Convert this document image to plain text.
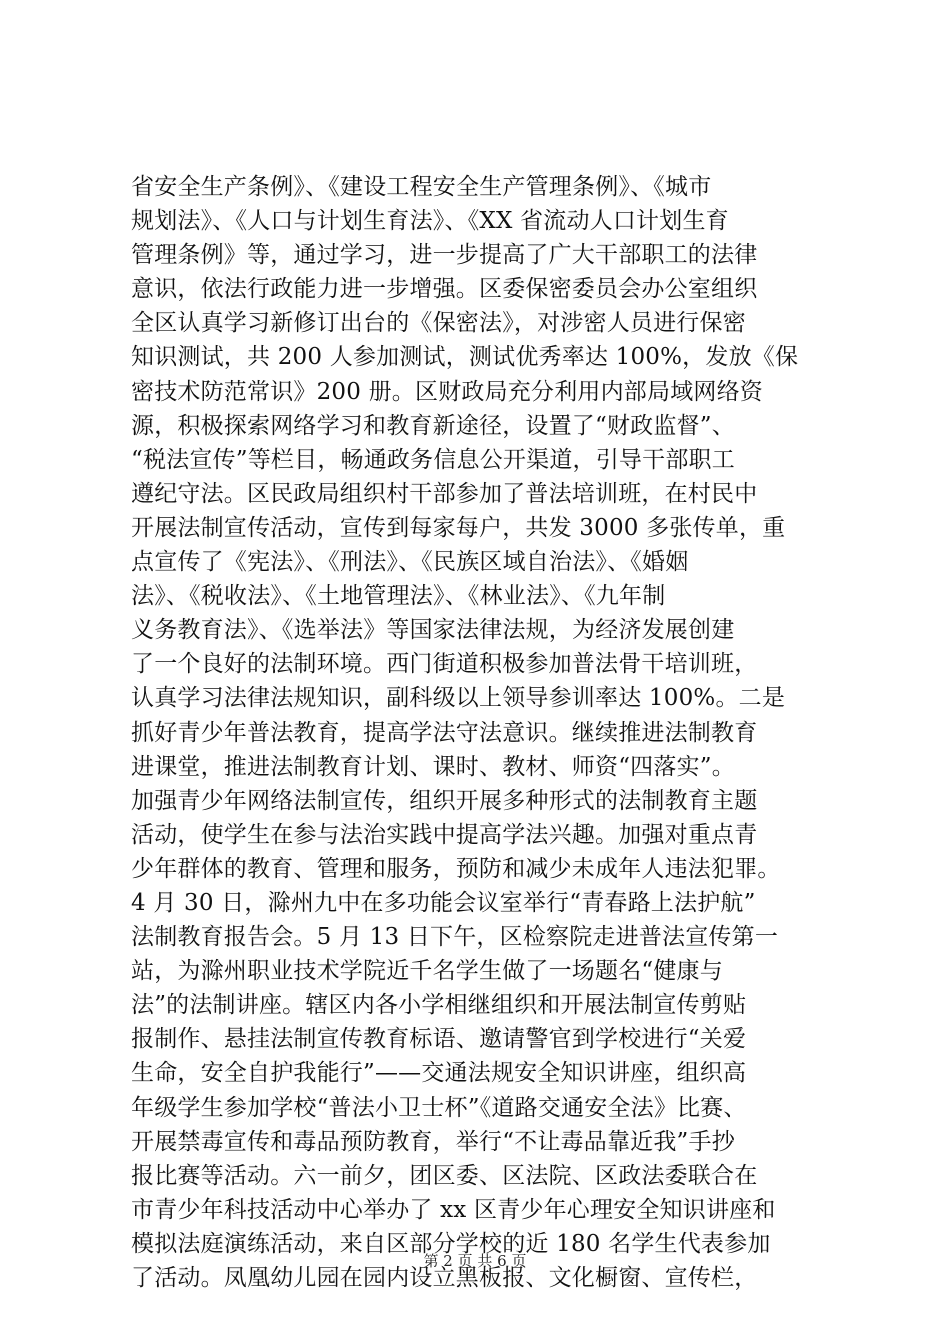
省安全生产条例》、《建设工程安全生产管理条例》、《城市
规划法》、《人口与计划生育法》、《XX 省流动人口计划生育
管理条例》等，通过学习，进一步提高了广大干部职工的法律
意识，依法行政能力进一步增强。区委保密委员会办公室组织
全区认真学习新修订出台的《保密法》，对涉密人员进行保密
知识测试，共 200 人参加测试，测试优秀率达 100%，发放《保
密技术防范常识》200 册。区财政局充分利用内部局域网络资
源，积极探索网络学习和教育新途径，设置了“财政监督”、
“税法宣传”等栏目，畅通政务信息公开渠道，引导干部职工
遵纪守法。区民政局组织村干部参加了普法培训班，在村民中
开展法制宣传活动，宣传到每家每户，共发 3000 多张传单，重
点宣传了《宪法》、《刑法》、《民族区域自治法》、《婚姻
法》、《税收法》、《土地管理法》、《林业法》、《九年制
义务教育法》、《选举法》等国家法律法规，为经济发展创建
了一个良好的法制环境。西门街道积极参加普法骨干培训班，
认真学习法律法规知识，副科级以上领导参训率达 100%。二是
抓好青少年普法教育，提高学法守法意识。继续推进法制教育
进课堂，推进法制教育计划、课时、教材、师资“四落实”。
加强青少年网络法制宣传，组织开展多种形式的法制教育主题
活动，使学生在参与法治实践中提高学法兴趣。加强对重点青
少年群体的教育、管理和服务，预防和减少未成年人违法犯罪。
4 月 30 日，滁州九中在多功能会议室举行“青春路上法护航”
法制教育报告会。5 月 13 日下午，区检察院走进普法宣传第一
站，为滁州职业技术学院近千名学生做了一场题名“健康与
法”的法制讲座。辖区内各小学相继组织和开展法制宣传剪贴
报制作、悬挂法制宣传教育标语、邀请警官到学校进行“关爱
生命，安全自护我能行”——交通法规安全知识讲座，组织高
年级学生参加学校“普法小卫士杯”《道路交通安全法》比赛、
开展禁毒宣传和毒品预防教育，举行“不让毒品靠近我”手抄
报比赛等活动。六一前夕，团区委、区法院、区政法委联合在
市青少年科技活动中心举办了 xx 区青少年心理安全知识讲座和
模拟法庭演练活动，来自区部分学校的近 180 名学生代表参加
了活动。凤凰幼儿园在园内设立黑板报、文化橱窗、宣传栏，
第 2 页 共 6 页
